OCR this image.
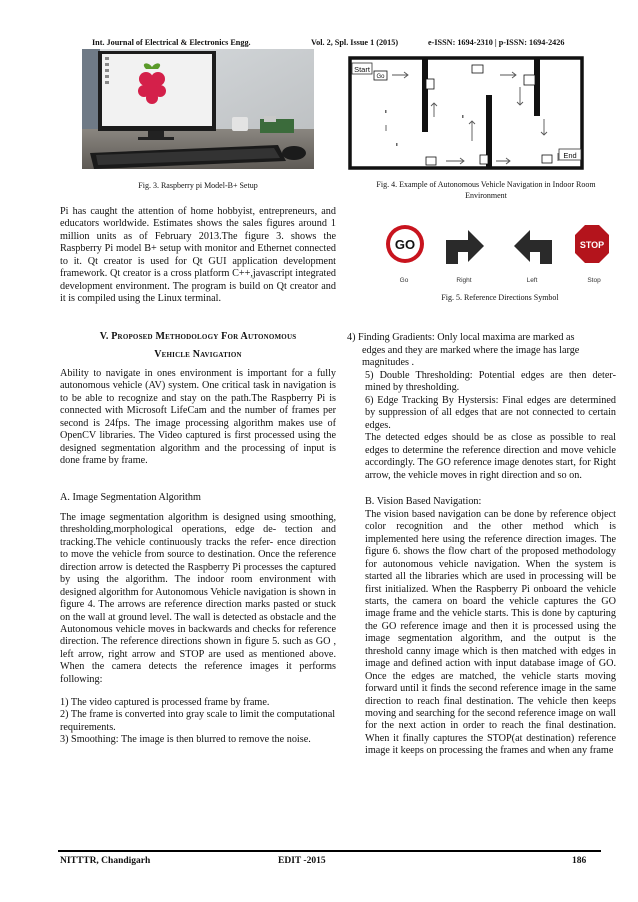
Int. Journal of Electrical & Electronics Engg.	Vol. 2, Spl. Issue 1 (2015)	e-ISSN: 1694-2310 | p-ISSN: 1694-2426
Fig. 3. Raspberry pi Model-B+ Setup
Start
End
Go
Fig. 4. Example of Autonomous Vehicle Navigation in Indoor Room Environment
GO	STOP
Go	Right	Left	Stop
Fig. 5. Reference Directions Symbol

Pi has caught the attention of home hobbyist, entrepreneurs, and educators worldwide. Estimates shows the sales figures around 1 million units as of February 2013.The figure 3. shows the Raspberry Pi model B+ setup with monitor and Ethernet connected to it. Qt creator is used for Qt GUI application development framework. Qt creator is a cross platform C++,javascript integrated development environment. The program is build on Qt creator and it is compiled using the Linux terminal.

V. Proposed Methodology For Autonomous
Vehicle Navigation

Ability to navigate in ones environment is important for a fully autonomous vehicle (AV) system. One critical task in navigation is to be able to recognize and stay on the path.The Raspberry Pi is connected with Microsoft LifeCam and the number of frames per second is 24fps. The image processing algorithm makes use of OpenCV libraries. The Video captured is first processed using the designed segmentation algorithm and the processing of input is done frame by frame.

A. Image Segmentation Algorithm

The image segmentation algorithm is designed using smoothing, thresholding,morphological operations, edge de- tection and tracking.The vehicle continuously tracks the refer- ence direction to move the vehicle from source to destination. Once the reference direction arrow is detected the Raspberry Pi processes the captured by using the algorithm. The indoor room environment with designed algorithm for Autonomous Vehicle navigation is shown in figure 4. The arrows are reference direction marks pasted or stuck on the wall at ground level. The wall is detected as obstacle and the Autonomous vehicle moves in backwards and checks for reference direction. The reference directions shown in figure 5. such as GO , left arrow, right arrow and STOP are used as mentioned above. When the camera detects the reference images it performs following:

1) The video captured is processed frame by frame.

2) The frame is converted into gray scale to limit the computational requirements.

3) Smoothing: The image is then blurred to remove the noise.

4) Finding Gradients: Only local maxima are marked as

edges and they are marked where the image has large magnitudes .

5) Double Thresholding: Potential edges are then deter- mined by thresholding.

6) Edge Tracking By Hystersis: Final edges are determined by suppression of all edges that are not connected to certain edges.

The detected edges should be as close as possible to real edges to determine the reference direction and move vehicle accordingly. The GO reference image denotes start, for Right arrow, the vehicle moves in right direction and so on.

B. Vision Based Navigation:

The vision based navigation can be done by reference object color recognition and the other method which is implemented here using the reference direction images. The figure 6. shows the flow chart of the proposed methodology for autonomous vehicle navigation. When the system is started all the libraries which are used in processing will be first initialized. When the Raspberry Pi onboard the vehicle starts, the camera on board the vehicle captures the GO image frame and the vehicle starts. This is done by capturing the GO reference image and then it is processed using the image segmentation algorithm, and the output is the threshold canny image which is then matched with edges in image and defined action with input database image of GO. Once the edges are matched, the vehicle starts moving forward until it finds the second reference image in the same direction to reach final destination. The vehicle then keeps moving and searching for the second reference image on wall for the next action in order to reach the final destination. When it finally captures the STOP(at destination) reference image it keeps on processing the frames and when any frame

NITTTR, Chandigarh	EDIT -2015	186
